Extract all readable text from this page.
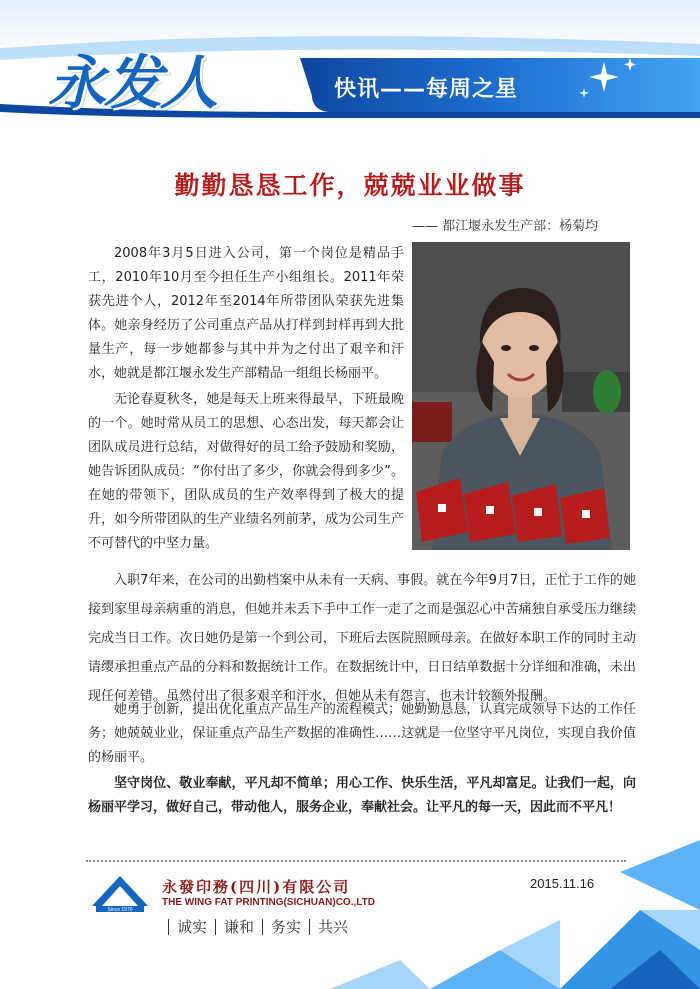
永发人	快讯——每周之星
勤勤恳恳工作，兢兢业业做事
—— 都江堰永发生产部：杨菊均

2008年3月5日进入公司，第一个岗位是精品手工，2010年10月至今担任生产小组组长。2011年荣获先进个人，2012年至2014年所带团队荣获先进集体。她亲身经历了公司重点产品从打样到封样再到大批量生产，每一步她都参与其中并为之付出了艰辛和汗水，她就是都江堰永发生产部精品一组组长杨丽平。

无论春夏秋冬，她是每天上班来得最早，下班最晚的一个。她时常从员工的思想、心态出发，每天都会让团队成员进行总结，对做得好的员工给予鼓励和奖励，她告诉团队成员：“你付出了多少，你就会得到多少”。在她的带领下，团队成员的生产效率得到了极大的提升，如今所带团队的生产业绩名列前茅，成为公司生产不可替代的中坚力量。

入职7年来，在公司的出勤档案中从未有一天病、事假。就在今年9月7日，正忙于工作的她接到家里母亲病重的消息，但她并未丢下手中工作一走了之而是强忍心中苦痛独自承受压力继续完成当日工作。次日她仍是第一个到公司，下班后去医院照顾母亲。在做好本职工作的同时主动请缨承担重点产品的分料和数据统计工作。在数据统计中，日日结单数据十分详细和准确，未出现任何差错。虽然付出了很多艰辛和汗水，但她从未有怨言，也未计较额外报酬。

她勇于创新，提出优化重点产品生产的流程模式；她勤勤恳恳，认真完成领导下达的工作任务；她兢兢业业，保证重点产品生产数据的准确性……这就是一位坚守平凡岗位，实现自我价值的杨丽平。

坚守岗位、敬业奉献，平凡却不简单；用心工作、快乐生活，平凡却富足。让我们一起，向杨丽平学习，做好自己，带动他人，服务企业，奉献社会。让平凡的每一天，因此而不平凡！

Since 1970
永發印務(四川)有限公司
THE WING FAT PRINTING(SICHUAN)CO.,LTD
2015.11.16
诚实 谦和 务实 共兴
